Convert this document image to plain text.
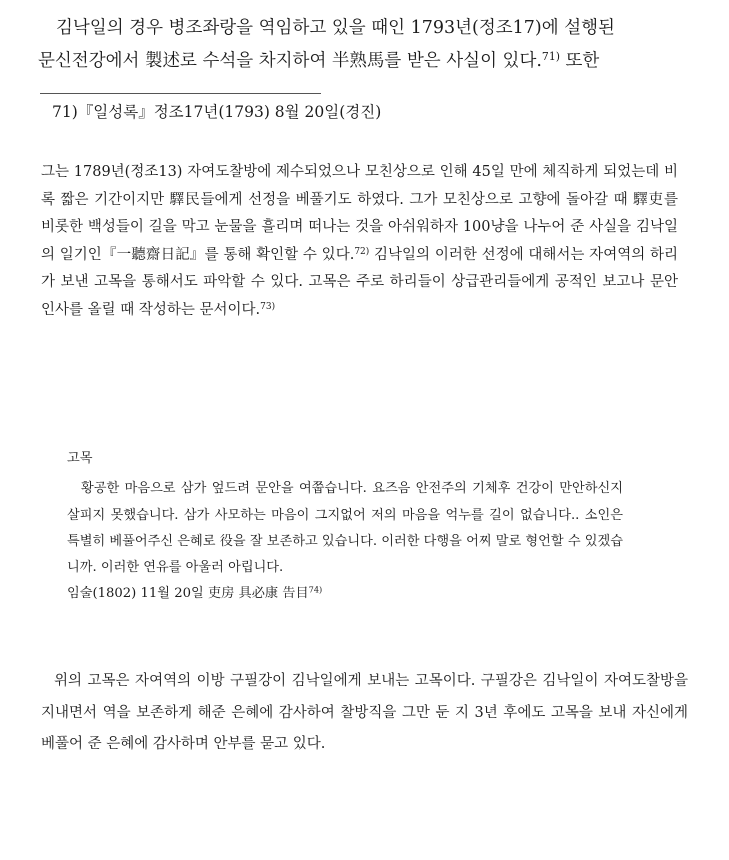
김낙일의 경우 병조좌랑을 역임하고 있을 때인 1793년(정조17)에 설행된

문신전강에서 製述로 수석을 차지하여 半熟馬를 받은 사실이 있다.$^{71)}$ 또한

71)『일성록』정조17년(1793) 8월 20일(경진)

그는 1789년(정조13) 자여도찰방에 제수되었으나 모친상으로 인해 45일 만에 체직하게 되었는데 비록 짧은 기간이지만 驛民들에게 선정을 베풀기도 하였다. 그가 모친상으로 고향에 돌아갈 때 驛吏를 비롯한 백성들이 길을 막고 눈물을 흘리며 떠나는 것을 아쉬워하자 100냥을 나누어 준 사실을 김낙일의 일기인『一聽齋日記』를 통해 확인할 수 있다.$^{72)}$ 김낙일의 이러한 선정에 대해서는 자여역의 하리가 보낸 고목을 통해서도 파악할 수 있다. 고목은 주로 하리들이 상급관리들에게 공적인 보고나 문안인사를 올릴 때 작성하는 문서이다.$^{73)}$

고목

황공한 마음으로 삼가 엎드려 문안을 여쭙습니다. 요즈음 안전주의 기체후 건강이 만안하신지 살피지 못했습니다. 삼가 사모하는 마음이 그지없어 저의 마음을 억누를 길이 없습니다.. 소인은 특별히 베풀어주신 은혜로 役을 잘 보존하고 있습니다. 이러한 다행을 어찌 말로 형언할 수 있겠습니까. 이러한 연유를 아울러 아립니다.

임술(1802) 11월 20일 吏房 具必康 告目$^{74)}$

위의 고목은 자여역의 이방 구필강이 김낙일에게 보내는 고목이다. 구필강은 김낙일이 자여도찰방을 지내면서 역을 보존하게 해준 은혜에 감사하여 찰방직을 그만 둔 지 3년 후에도 고목을 보내 자신에게 베풀어 준 은혜에 감사하며 안부를 묻고 있다.
